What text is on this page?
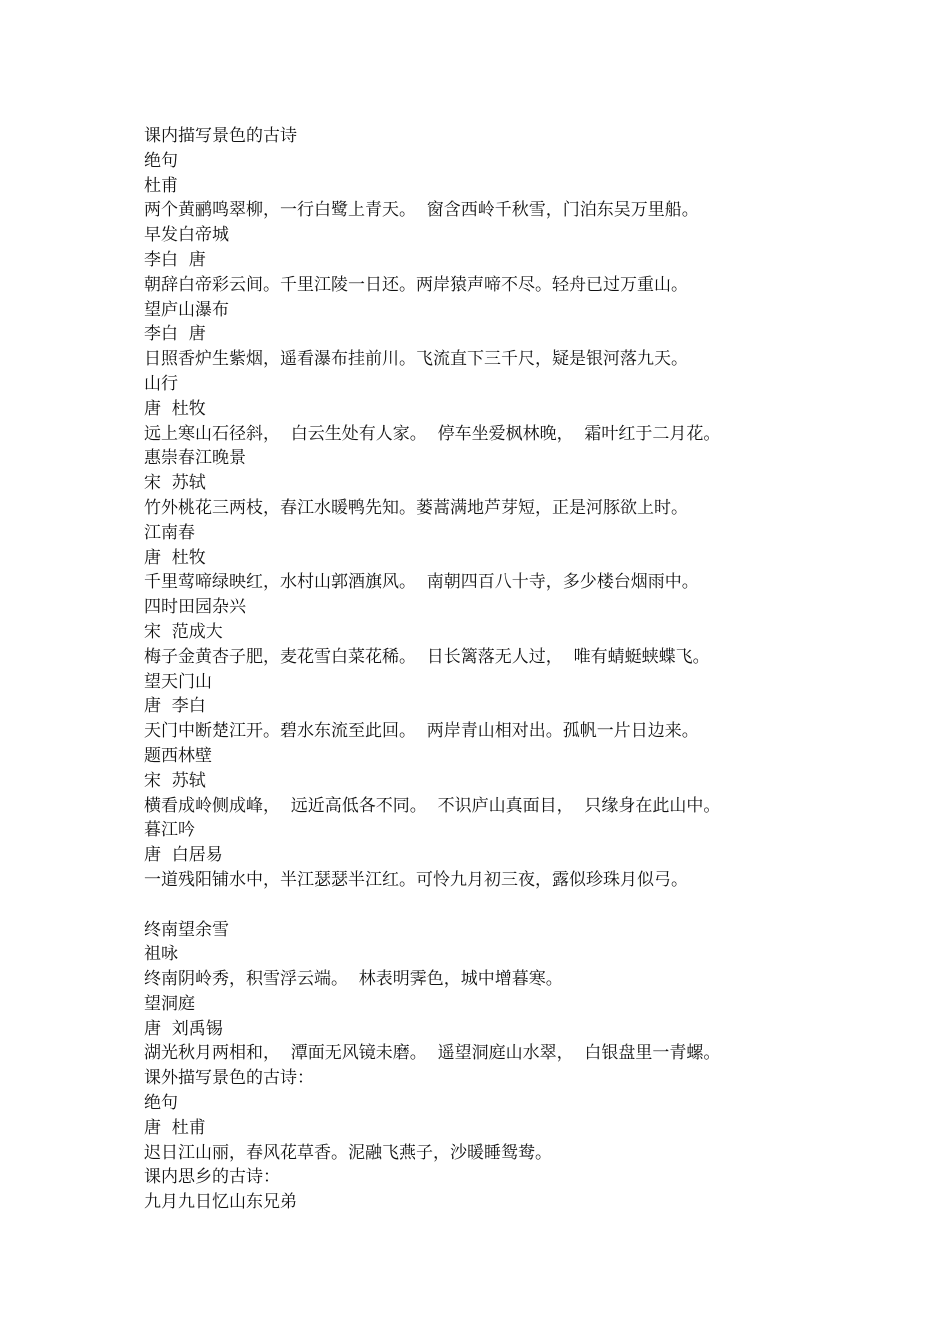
课内描写景色的古诗
绝句
杜甫
两个黄鹂鸣翠柳，一行白鹭上青天。  窗含西岭千秋雪，门泊东吴万里船。
早发白帝城
李白  唐
朝辞白帝彩云间。千里江陵一日还。两岸猿声啼不尽。轻舟已过万重山。
望庐山瀑布
李白  唐
日照香炉生紫烟，遥看瀑布挂前川。飞流直下三千尺，疑是银河落九天。
山行
唐  杜牧
远上寒山石径斜，  白云生处有人家。  停车坐爱枫林晚，  霜叶红于二月花。
惠崇春江晚景
宋  苏轼
竹外桃花三两枝，春江水暖鸭先知。蒌蒿满地芦芽短，正是河豚欲上时。
江南春
唐  杜牧
千里莺啼绿映红，水村山郭酒旗风。  南朝四百八十寺，多少楼台烟雨中。
四时田园杂兴
宋  范成大
梅子金黄杏子肥，麦花雪白菜花稀。  日长篱落无人过，  唯有蜻蜓蛱蝶飞。
望天门山
唐  李白
天门中断楚江开。碧水东流至此回。  两岸青山相对出。孤帆一片日边来。
题西林壁
宋  苏轼
横看成岭侧成峰，  远近高低各不同。  不识庐山真面目，  只缘身在此山中。
暮江吟
唐  白居易
一道残阳铺水中，半江瑟瑟半江红。可怜九月初三夜，露似珍珠月似弓。
终南望余雪
祖咏
终南阴岭秀，积雪浮云端。  林表明霁色，城中增暮寒。
望洞庭
唐  刘禹锡
湖光秋月两相和，  潭面无风镜未磨。  遥望洞庭山水翠，  白银盘里一青螺。
课外描写景色的古诗：
绝句
唐  杜甫
迟日江山丽，春风花草香。泥融飞燕子，沙暖睡鸳鸯。
课内思乡的古诗：
九月九日忆山东兄弟
